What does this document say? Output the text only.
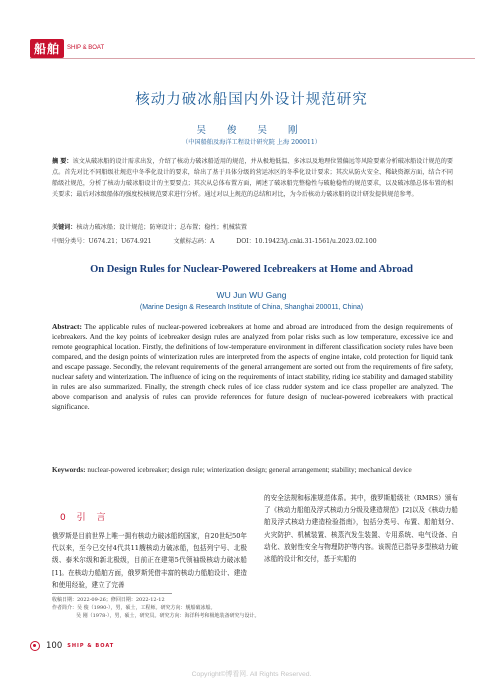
船舶	SHIP & BOAT
核动力破冰船国内外设计规范研究
吴 俊 吴 刚
（中国船舶及海洋工程设计研究院 上海 200011）
摘 要：该文从破冰船的设计需求出发，介绍了核动力破冰船适用的规范，并从极地低温、多冰以及地理位置偏远等风险要素分析破冰船设计规范的要点。首先对比不同船级社规范中冬季化设计的要求，给出了基于具体分级的营运冰区的冬季化设计要求；其次从防火安全、稀缺资源方面，结合不同船级社规范，分析了核动力破冰船设计的主要要点；其次从总体布置方面，阐述了破冰船完整稳性与破舱稳性的规范要求，以及破冰船总体布置的相关要求；最后对冰级船体的强度校核规范要求进行分析。通过对以上规范的总结和对比，为今后核动力破冰船的设计研发提供规范参考。
关键词：核动力破冰船；设计规范；防寒设计；总布置；稳性；机械装置
中图分类号：U674.21；U674.921	文献标志码：A	DOI：10.19423/j.cnki.31-1561/u.2023.02.100
On Design Rules for Nuclear-Powered Icebreakers at Home and Abroad
WU Jun WU Gang
(Marine Design & Research Institute of China, Shanghai 200011, China)
Abstract: The applicable rules of nuclear-powered icebreakers at home and abroad are introduced from the design requirements of icebreakers. And the key points of icebreaker design rules are analyzed from polar risks such as low temperature, excessive ice and remote geographical location. Firstly, the definitions of low-temperature environment in different classification society rules have been compared, and the design points of winterization rules are interpreted from the aspects of engine intake, cold protection for liquid tank and escape passage. Secondly, the relevant requirements of the general arrangement are sorted out from the requirements of fire safety, nuclear safety and winterization. The influence of icing on the requirements of intact stability, riding ice stability and damaged stability in rules are also summarized. Finally, the strength check rules of ice class rudder system and ice class propeller are analyzed. The above comparison and analysis of rules can provide references for future design of nuclear-powered icebreakers with practical significance.
Keywords: nuclear-powered icebreaker; design rule; winterization design; general arrangement; stability; mechanical device
0 引 言
俄罗斯是目前世界上唯一拥有核动力破冰船的国家，自20世纪50年代以来，至今已交付4代共11艘核动力破冰船，包括列宁号、北极级、泰米尔级和新北极级，目前正在建第5代领袖级核动力破冰船[1]。在核动力船舶方面，俄罗斯凭借丰富的核动力船舶设计、建造和使用经验，建立了完善
的安全法规和标准规范体系。其中，俄罗斯船级社（RMRS）颁布了《核动力船舶及浮式核动力分级及建造规范》[2]以及《核动力船舶及浮式核动力建造检验指南》，包括分类号、布置、船舶划分、火灾防护、机械装置、核蒸汽发生装置、专用系统、电气设备、自动化、放射性安全与物理防护等内容。该规范已指导多型核动力破冰船的设计和交付，基于实船的
收稿日期：2022-09-26；修回日期：2022-12-12
作者简介：吴 俊（1990-），男，硕士，工程师。研究方向：舰船破冰船。
吴 刚（1978-），男，硕士，研究员。研究方向：海洋科考和极地装备研究与设计。
100 SHIP & BOAT
Copyright©博看网. All Rights Reserved.
